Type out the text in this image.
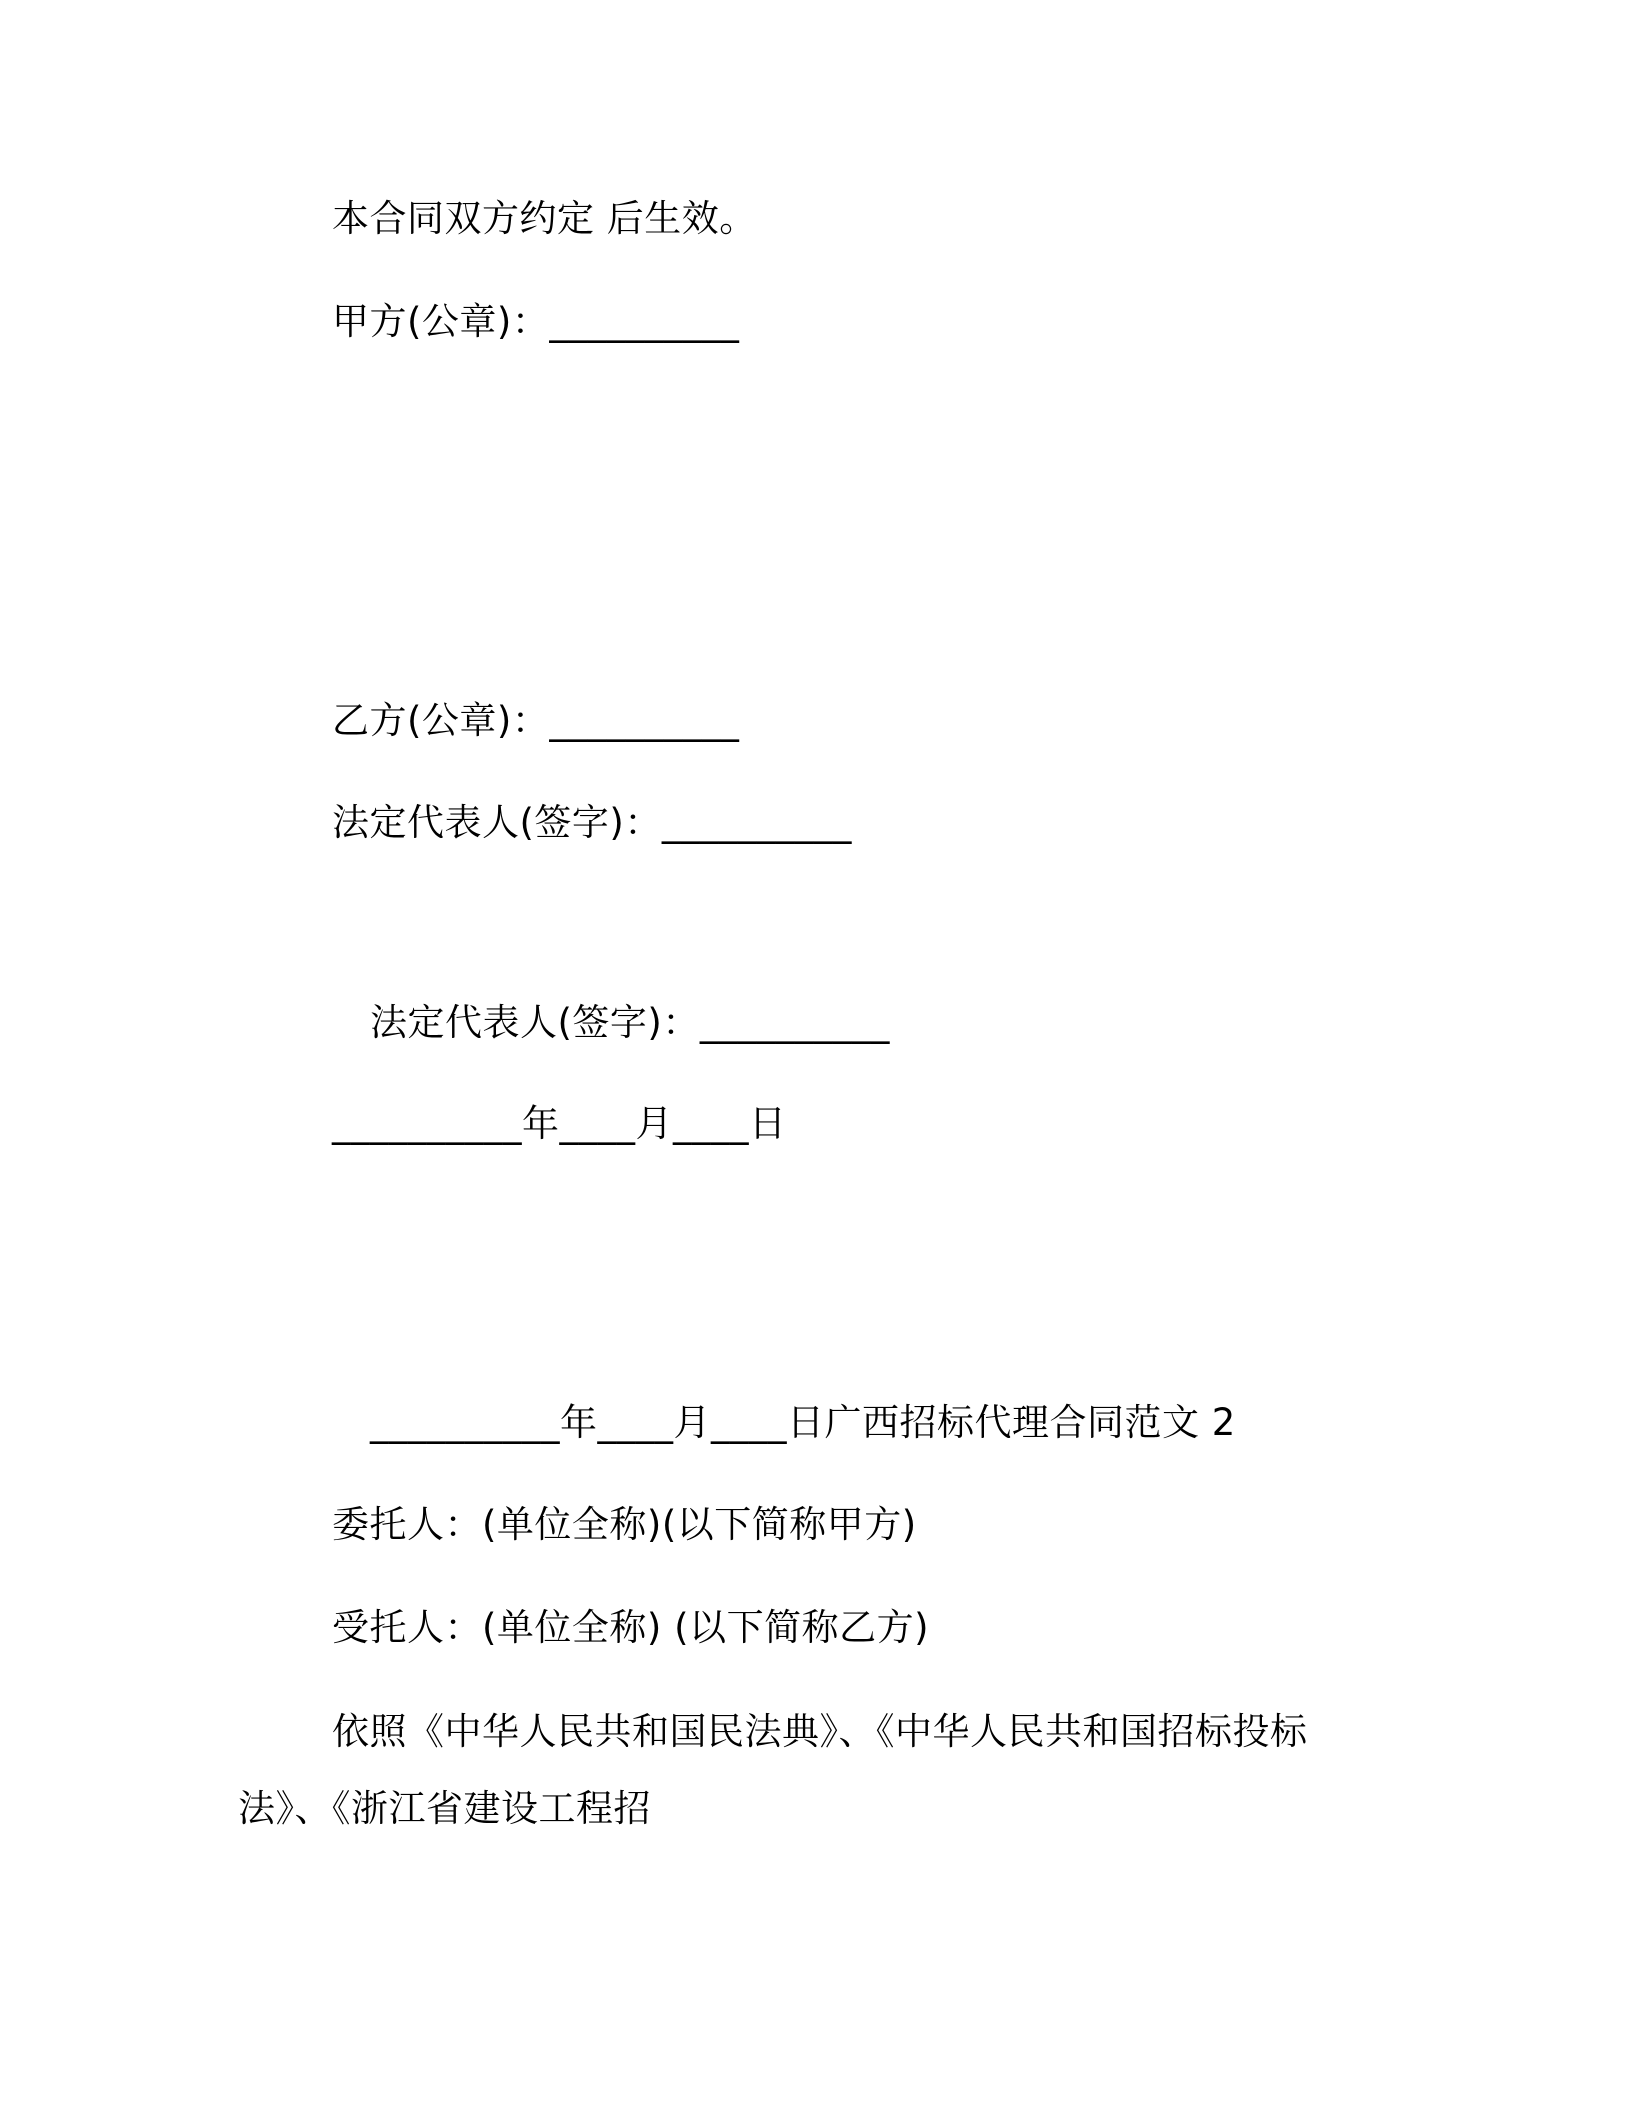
本合同双方约定 后生效。
甲方(公章)：__________
乙方(公章)：__________
法定代表人(签字)：__________
法定代表人(签字)：__________
__________年____月____日
__________年____月____日广西招标代理合同范文 2
委托人：(单位全称)(以下简称甲方)
受托人：(单位全称) (以下简称乙方)
依照《中华人民共和国民法典》、《中华人民共和国招标投标
法》、《浙江省建设工程招
